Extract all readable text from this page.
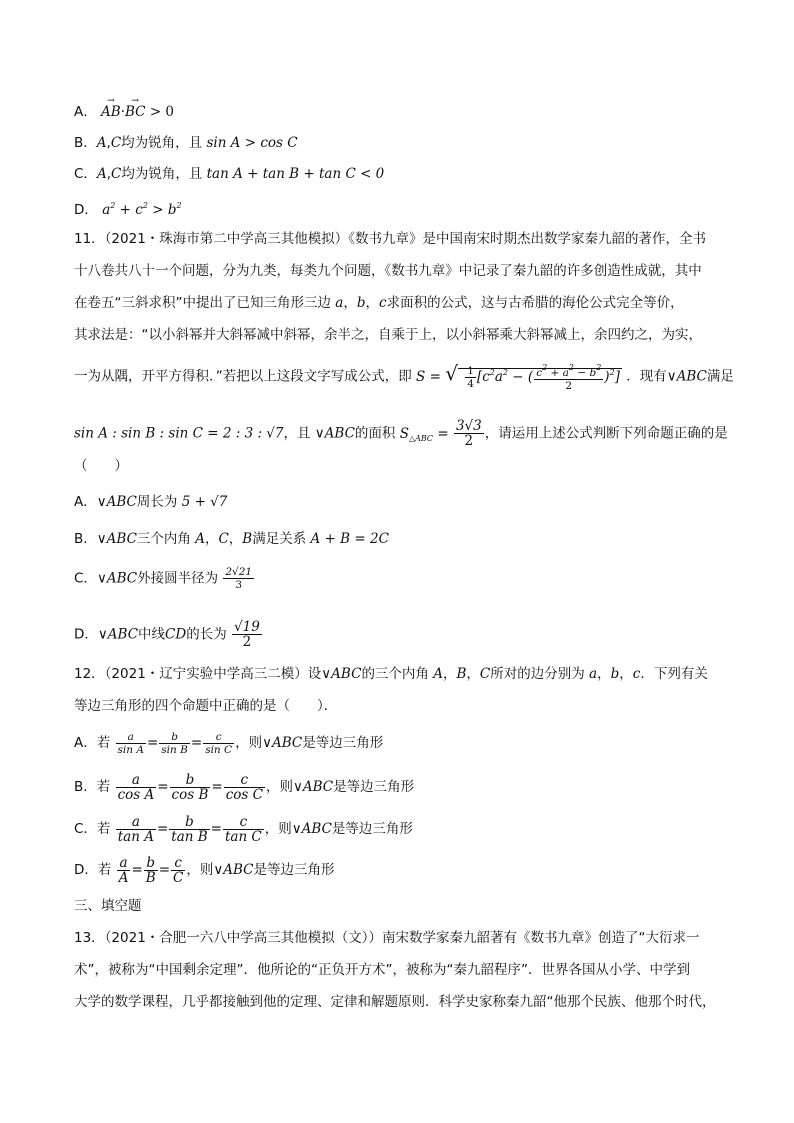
A． → AB·→ BC > 0
B．A,C均为锐角，且 sin A > cos C
C．A,C均为锐角，且 tan A + tan B + tan C < 0
D． $a^2 + c^2 > b^2$
11．（2021・珠海市第二中学高三其他模拟）《数书九章》是中国南宋时期杰出数学家秦九韶的著作，全书
十八卷共八十一个问题，分为九类，每类九个问题，《数书九章》中记录了秦九韶的许多创造性成就，其中
在卷五“三斜求积”中提出了已知三角形三边 a，b，c求面积的公式，这与古希腊的海伦公式完全等价，
其求法是：“以小斜幂并大斜幂减中斜幂，余半之，自乘于上，以小斜幂乘大斜幂减上，余四约之，为实，
一为从隅，开平方得积．”若把以上这段文字写成公式，即 S = √ $\frac{1}{4} [c^2a^2$ − ( $\frac{c^2 + a^2 - b^2}{2} )^2$] ．现有∨ABC满足
sin A : sin B : sin C = 2 : 3 : √7，且 ∨ABC的面积 $S_{\triangle ABC} = \frac{3√3}{2}$ ，请运用上述公式判断下列命题正确的是
（　　）
A．∨ABC周长为 5 + √7
B．∨ABC三个内角 A，C，B满足关系 A + B = 2C
C．∨ABC外接圆半径为 $\frac{2√21}{3}$
D．∨ABC中线CD的长为 $\frac{√19}{2}$
12．（2021・辽宁实验中学高三二模）设∨ABC的三个内角 A，B，C所对的边分别为 a，b，c．下列有关
等边三角形的四个命题中正确的是（　　）．
A．若 $\frac{a}{\text{sin A}} = \frac{b}{\text{sin B}} = \frac{c}{\text{sin C}}$ ，则∨ABC是等边三角形
B．若 $\frac{a}{\text{cos A}} = \frac{b}{\text{cos B}} = \frac{c}{\text{cos C}}$ ，则∨ABC是等边三角形
C．若 $\frac{a}{\text{tan A}} = \frac{b}{\text{tan B}} = \frac{c}{\text{tan C}}$ ，则∨ABC是等边三角形
D．若 $\frac{a}{A} = \frac{b}{B} = \frac{c}{C}$ ，则∨ABC是等边三角形
三、填空题
13．（2021・合肥一六八中学高三其他模拟（文））南宋数学家秦九韶著有《数书九章》创造了“大衍求一
术”，被称为“中国剩余定理”．他所论的“正负开方术”，被称为“秦九韶程序”．世界各国从小学、中学到
大学的数学课程，几乎都接触到他的定理、定律和解题原则．科学史家称秦九韶“他那个民族、他那个时代，
